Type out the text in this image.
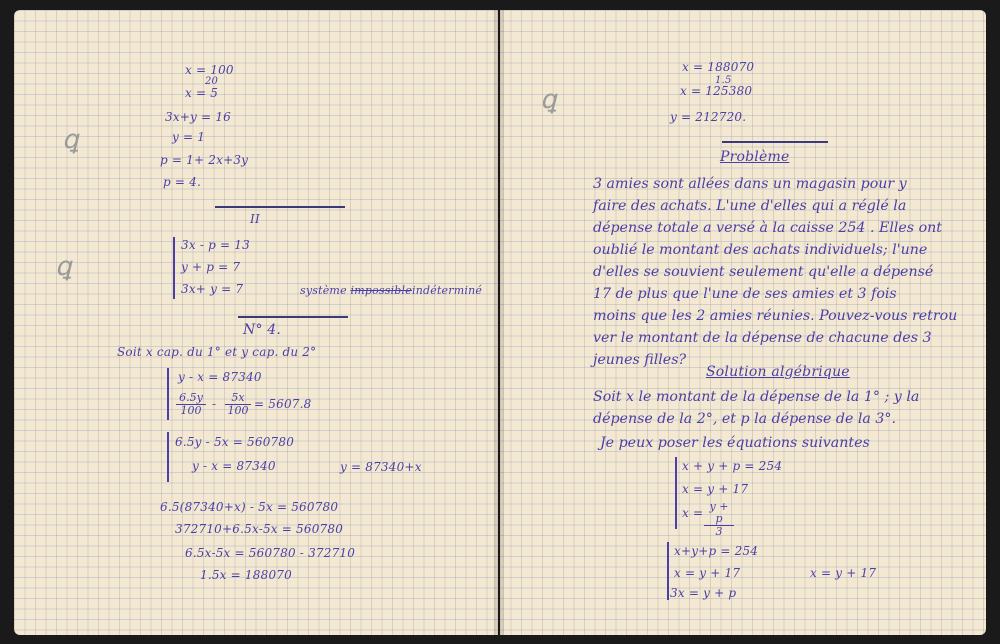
ꝗ
ꝗ
ꝗ
x = 100
20
x = 5
3x+y = 16
y = 1
p = 1+ 2x+3y
p = 4.
II
3x - p = 13
y + p = 7
3x+ y = 7	système impossibleindéterminé
N° 4.
Soit x cap. du 1° et y cap. du 2°
y - x = 87340
$\frac{6.5y}{100} - \frac{5x}{100} = 5607.8$
6.5y - 5x = 560780
y - x = 87340	y = 87340+x
6.5(87340+x) - 5x = 560780
372710+6.5x-5x = 560780
6.5x-5x = 560780 - 372710
1.5x = 188070
x = 188070
1.5
x = 125380
y = 212720.
Problème
3 amies sont allées dans un magasin pour y
faire des achats. L'une d'elles qui a réglé la
dépense totale a versé à la caisse 254 . Elles ont
oublié le montant des achats individuels; l'une
d'elles se souvient seulement qu'elle a dépensé
17 de plus que l'une de ses amies et 3 fois
moins que les 2 amies réunies. Pouvez-vous retrou
ver le montant de la dépense de chacune des 3
jeunes filles?
Solution algébrique
Soit x le montant de la dépense de la 1° ; y la
dépense de la 2°, et p la dépense de la 3°.
Je peux poser les équations suivantes
x + y + p = 254
x = y + 17
$x = \frac{y + p}{3}$
x+y+p = 254
x = y + 17
3x = y + p
x = y + 17
